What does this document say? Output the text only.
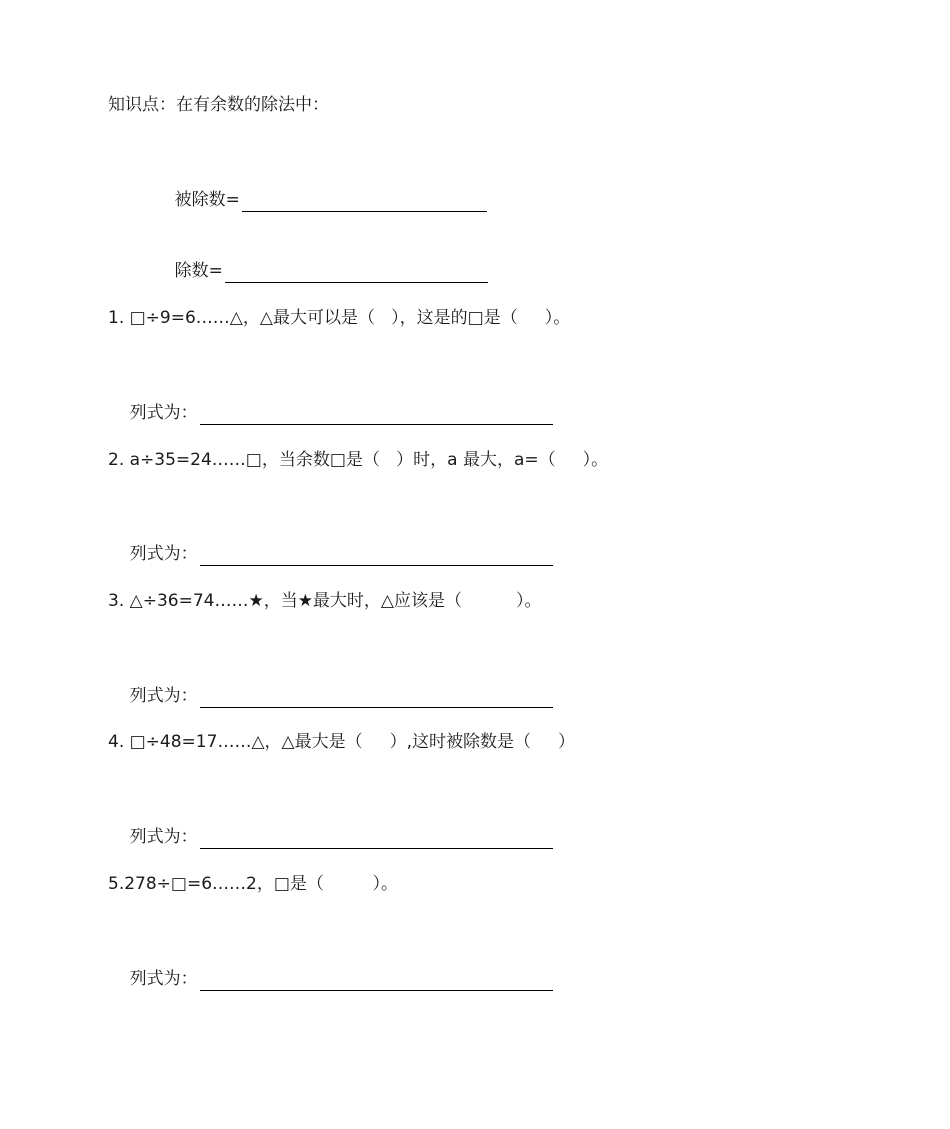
知识点：在有余数的除法中：

被除数=

除数=

1. □÷9=6……△，△最大可以是（   ），这是的□是（     ）。

列式为：

2. a÷35=24……□，当余数□是（   ）时，a 最大，a=（     ）。

列式为：

3. △÷36=74……★，当★最大时，△应该是（          ）。

列式为：

4. □÷48=17……△，△最大是（     ）,这时被除数是（     ）

列式为：

5.278÷□=6……2，□是（         ）。

列式为：
